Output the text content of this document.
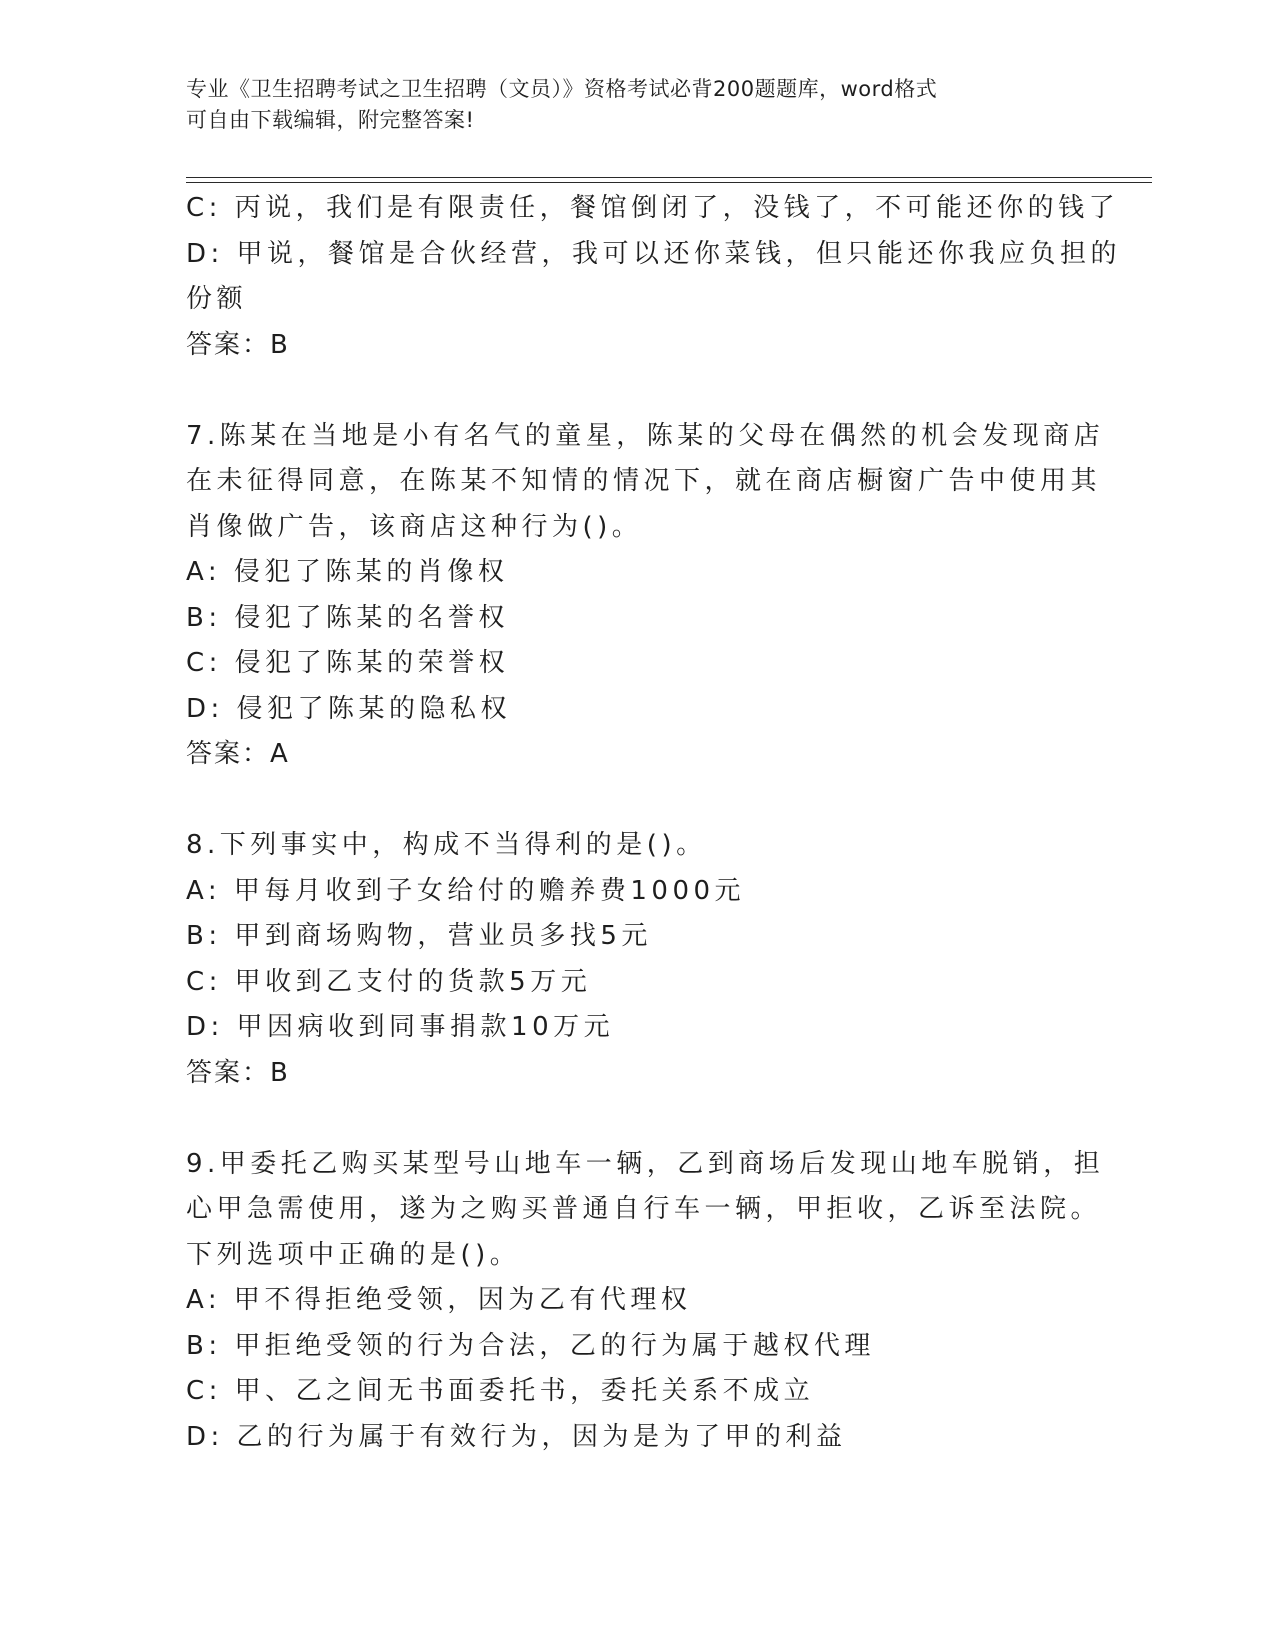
专业《卫生招聘考试之卫生招聘（文员）》资格考试必背200题题库，word格式
可自由下载编辑，附完整答案!
C: 丙说，我们是有限责任，餐馆倒闭了，没钱了，不可能还你的钱了
D: 甲说，餐馆是合伙经营，我可以还你菜钱，但只能还你我应负担的
份额
答案：B
7.陈某在当地是小有名气的童星，陈某的父母在偶然的机会发现商店
在未征得同意，在陈某不知情的情况下，就在商店橱窗广告中使用其
肖像做广告，该商店这种行为()。
A: 侵犯了陈某的肖像权
B: 侵犯了陈某的名誉权
C: 侵犯了陈某的荣誉权
D: 侵犯了陈某的隐私权
答案：A
8.下列事实中，构成不当得利的是()。
A: 甲每月收到子女给付的赡养费1000元
B: 甲到商场购物，营业员多找5元
C: 甲收到乙支付的货款5万元
D: 甲因病收到同事捐款10万元
答案：B
9.甲委托乙购买某型号山地车一辆，乙到商场后发现山地车脱销，担
心甲急需使用，遂为之购买普通自行车一辆，甲拒收，乙诉至法院。
下列选项中正确的是()。
A: 甲不得拒绝受领，因为乙有代理权
B: 甲拒绝受领的行为合法，乙的行为属于越权代理
C: 甲、乙之间无书面委托书，委托关系不成立
D: 乙的行为属于有效行为，因为是为了甲的利益
